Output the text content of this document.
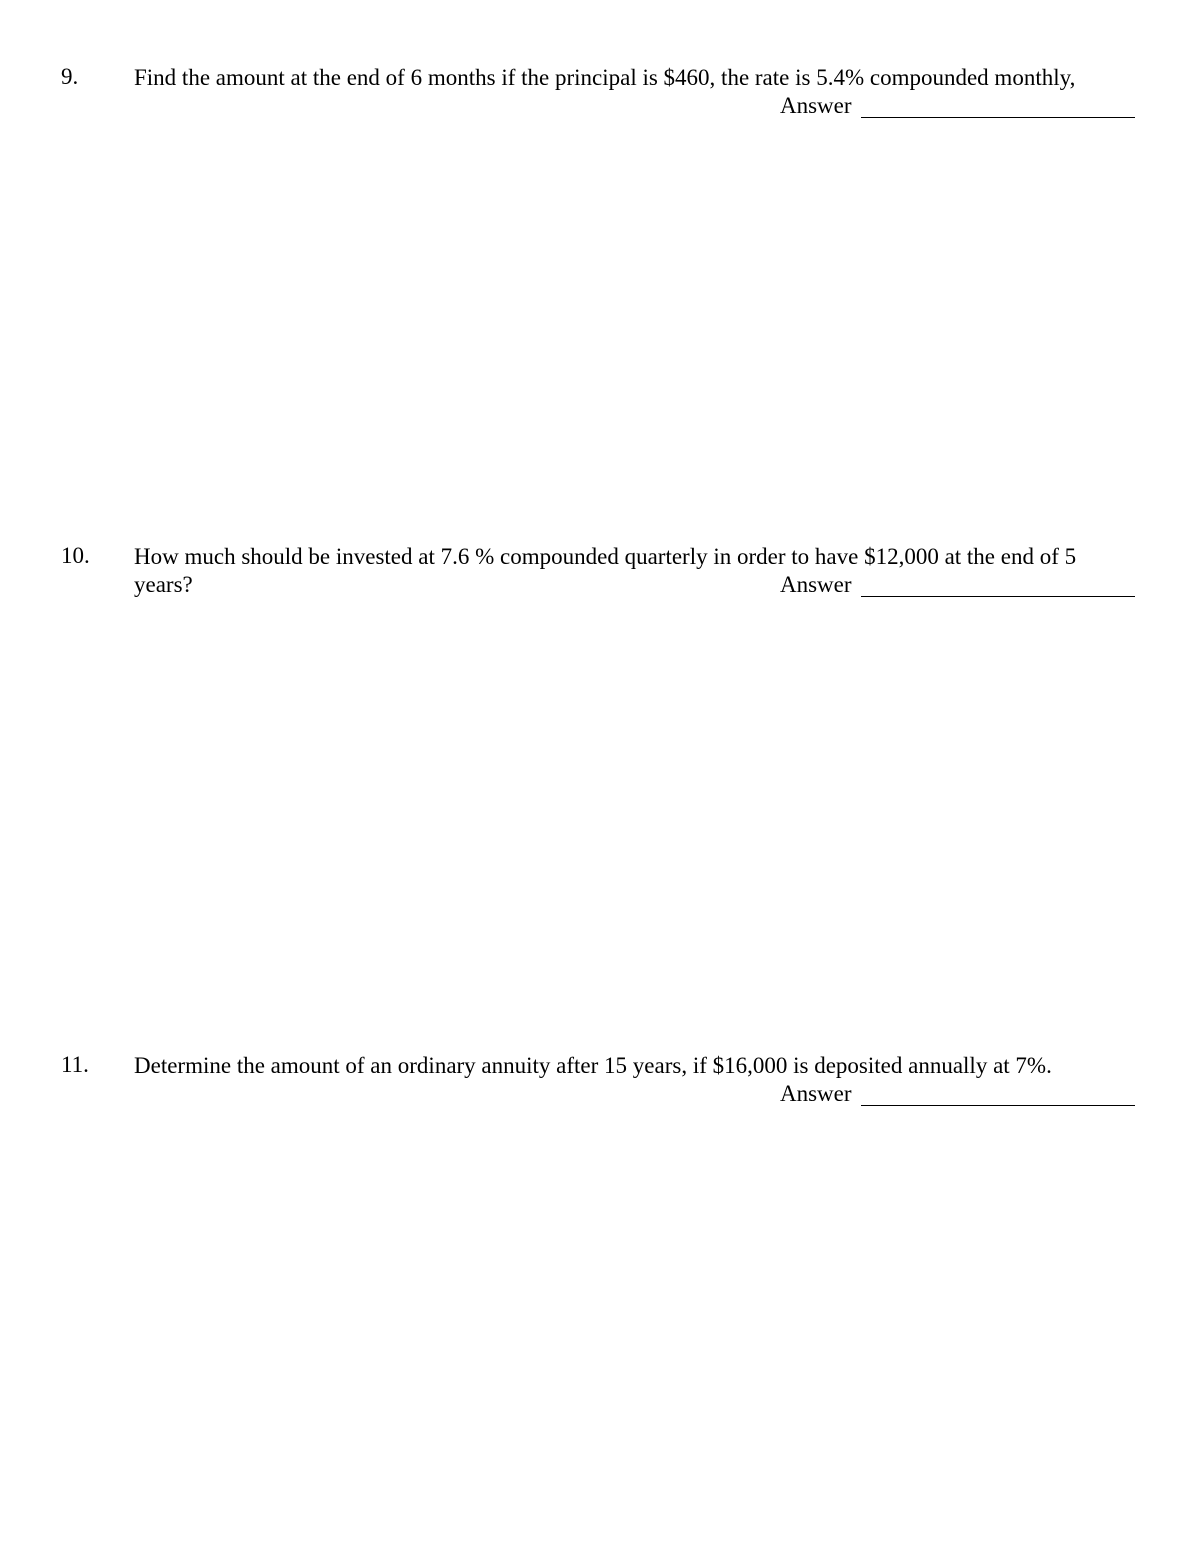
9. Find the amount at the end of 6 months if the principal is $460, the rate is 5.4% compounded monthly,
Answer
10. How much should be invested at 7.6 % compounded quarterly in order to have $12,000 at the end of 5
years?	Answer
11. Determine the amount of an ordinary annuity after 15 years, if $16,000 is deposited annually at 7%.
Answer
